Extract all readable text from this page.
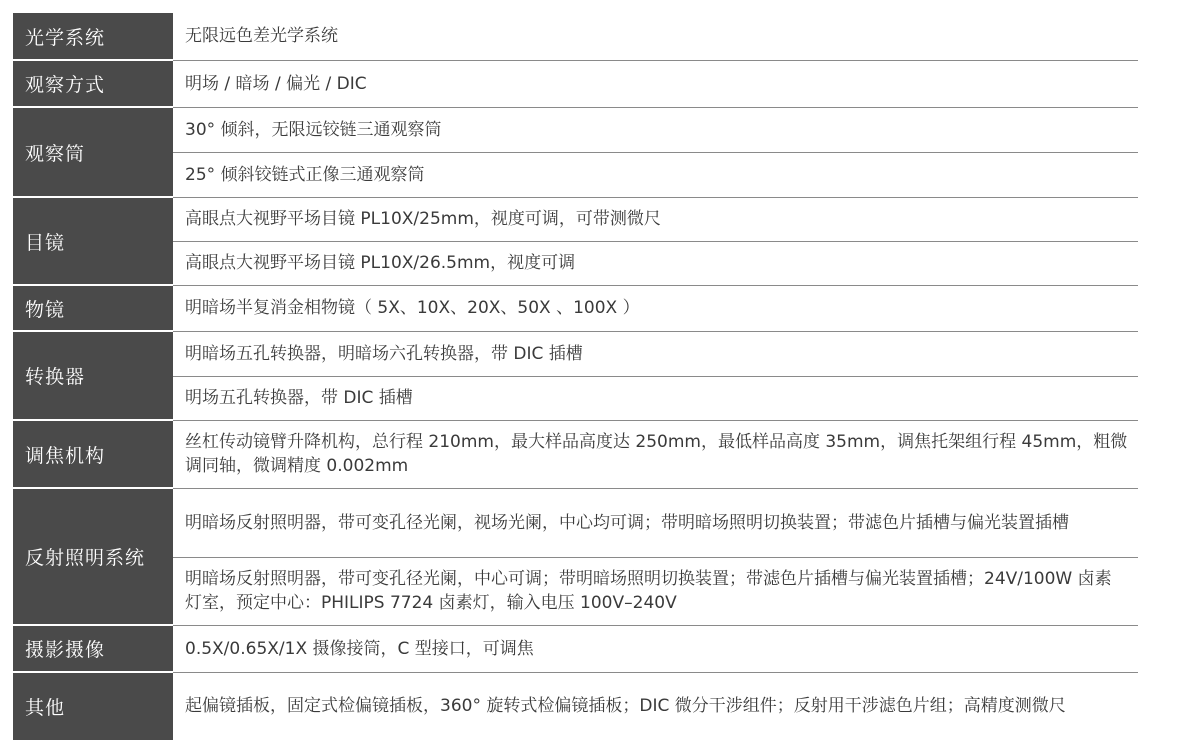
光学系统	无限远色差光学系统
观察方式	明场 / 暗场 / 偏光 / DIC
观察筒	30° 倾斜，无限远铰链三通观察筒
	25° 倾斜铰链式正像三通观察筒
目镜	高眼点大视野平场目镜 PL10X/25mm，视度可调，可带测微尺
	高眼点大视野平场目镜 PL10X/26.5mm，视度可调
物镜	明暗场半复消金相物镜（ 5X、10X、20X、50X 、100X ）
转换器	明暗场五孔转换器，明暗场六孔转换器，带 DIC 插槽
	明场五孔转换器，带 DIC 插槽
调焦机构	丝杠传动镜臂升降机构，总行程 210mm，最大样品高度达 250mm，最低样品高度 35mm，调焦托架组行程 45mm，粗微调同轴，微调精度 0.002mm
反射照明系统	明暗场反射照明器，带可变孔径光阑，视场光阑，中心均可调；带明暗场照明切换装置；带滤色片插槽与偏光装置插槽
	明暗场反射照明器，带可变孔径光阑，中心可调；带明暗场照明切换装置；带滤色片插槽与偏光装置插槽；24V/100W 卤素灯室，预定中心：PHILIPS 7724 卤素灯，输入电压 100V–240V
摄影摄像	0.5X/0.65X/1X 摄像接筒，C 型接口，可调焦
其他	起偏镜插板，固定式检偏镜插板，360° 旋转式检偏镜插板；DIC 微分干涉组件；反射用干涉滤色片组；高精度测微尺
